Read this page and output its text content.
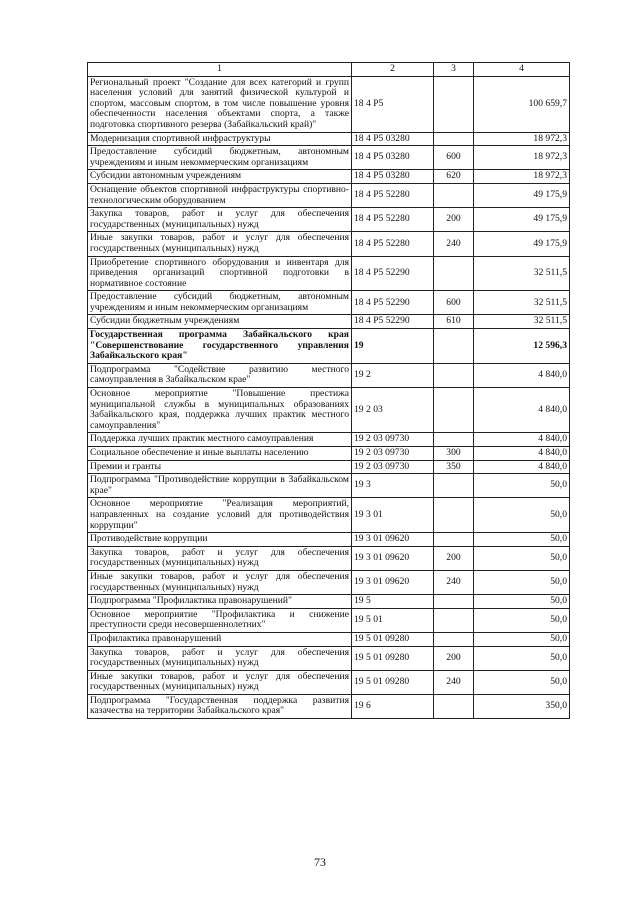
1	2	3	4
Региональный проект "Создание для всех категорий и групп населения условий для занятий физической культурой и спортом, массовым спортом, в том числе повышение уровня обеспеченности населения объектами спорта, а также подготовка спортивного резерва (Забайкальский край)"	18 4 P5		100 659,7
Модернизация спортивной инфраструктуры	18 4 P5 03280		18 972,3
Предоставление субсидий бюджетным, автономным учреждениям и иным некоммерческим организациям	18 4 P5 03280	600	18 972,3
Субсидии автономным учреждениям	18 4 P5 03280	620	18 972,3
Оснащение объектов спортивной инфраструктуры спортивно-технологическим оборудованием	18 4 P5 52280		49 175,9
Закупка товаров, работ и услуг для обеспечения государственных (муниципальных) нужд	18 4 P5 52280	200	49 175,9
Иные закупки товаров, работ и услуг для обеспечения государственных (муниципальных) нужд	18 4 P5 52280	240	49 175,9
Приобретение спортивного оборудования и инвентаря для приведения организаций спортивной подготовки в нормативное состояние	18 4 P5 52290		32 511,5
Предоставление субсидий бюджетным, автономным учреждениям и иным некоммерческим организациям	18 4 P5 52290	600	32 511,5
Субсидии бюджетным учреждениям	18 4 P5 52290	610	32 511,5
Государственная программа Забайкальского края "Совершенствование государственного управления Забайкальского края"	19		12 596,3
Подпрограмма "Содействие развитию местного самоуправления в Забайкальском крае"	19 2		4 840,0
Основное мероприятие "Повышение престижа муниципальной службы в муниципальных образованиях Забайкальского края, поддержка лучших практик местного самоуправления"	19 2 03		4 840,0
Поддержка лучших практик местного самоуправления	19 2 03 09730		4 840,0
Социальное обеспечение и иные выплаты населению	19 2 03 09730	300	4 840,0
Премии и гранты	19 2 03 09730	350	4 840,0
Подпрограмма "Противодействие коррупции в Забайкальском крае"	19 3		50,0
Основное мероприятие "Реализация мероприятий, направленных на создание условий для противодействия коррупции"	19 3 01		50,0
Противодействие коррупции	19 3 01 09620		50,0
Закупка товаров, работ и услуг для обеспечения государственных (муниципальных) нужд	19 3 01 09620	200	50,0
Иные закупки товаров, работ и услуг для обеспечения государственных (муниципальных) нужд	19 3 01 09620	240	50,0
Подпрограмма "Профилактика правонарушений"	19 5		50,0
Основное мероприятие "Профилактика и снижение преступности среди несовершеннолетних"	19 5 01		50,0
Профилактика правонарушений	19 5 01 09280		50,0
Закупка товаров, работ и услуг для обеспечения государственных (муниципальных) нужд	19 5 01 09280	200	50,0
Иные закупки товаров, работ и услуг для обеспечения государственных (муниципальных) нужд	19 5 01 09280	240	50,0
Подпрограмма "Государственная поддержка развития казачества на территории Забайкальского края"	19 6		350,0
73
